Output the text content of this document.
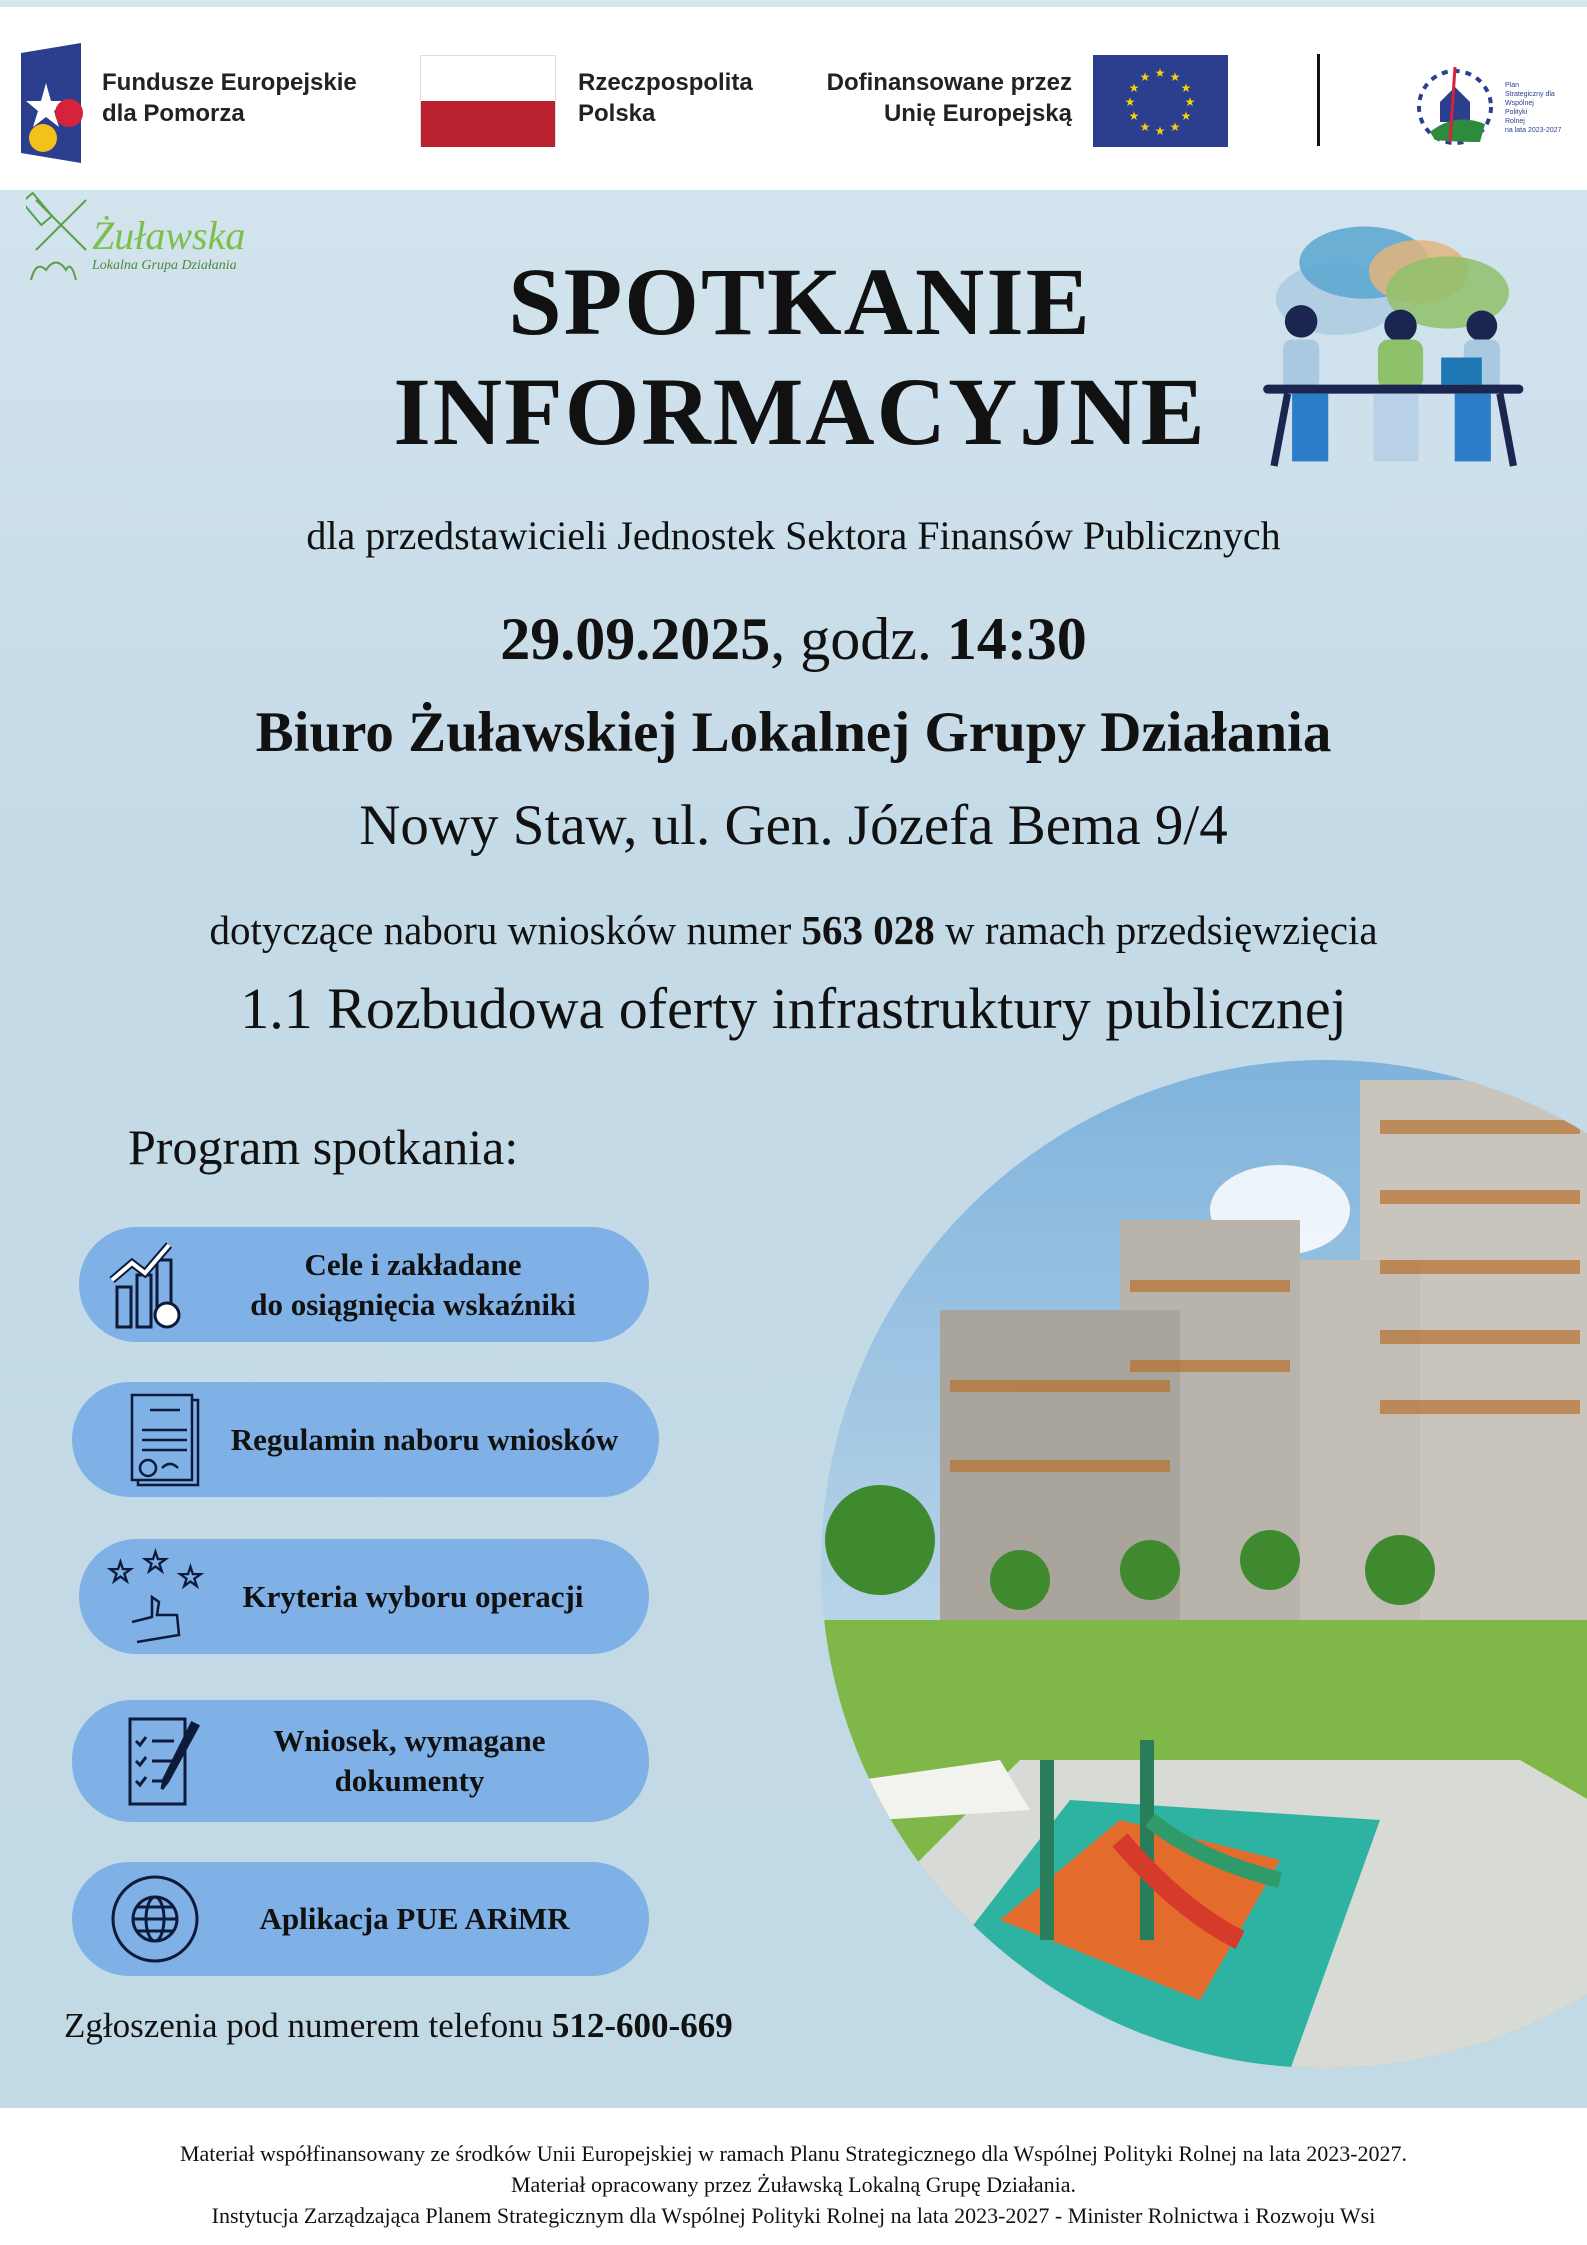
Fundusze Europejskie
dla Pomorza
Rzeczpospolita
Polska
Dofinansowane przez
Unię Europejską
★ ★
★
★
★
★
★
★
★
★
★
★
Plan
Strategiczny dla
Wspólnej
Polityki
Rolnej
na lata 2023-2027
Żuławska
Lokalna Grupa Działania	SPOTKANIE
INFORMACYJNE
dla przedstawicieli Jednostek Sektora Finansów Publicznych
29.09.2025, godz. 14:30
Biuro Żuławskiej Lokalnej Grupy Działania
Nowy Staw, ul. Gen. Józefa Bema 9/4
dotyczące naboru wniosków numer 563 028 w ramach przedsięwzięcia
1.1 Rozbudowa oferty infrastruktury publicznej
Program spotkania:
Cele i zakładane
do osiągnięcia wskaźniki
Regulamin naboru wniosków
☆ ☆ ☆
Kryteria wyboru operacji
Wniosek, wymagane
dokumenty
Aplikacja PUE ARiMR
Zgłoszenia pod numerem telefonu 512-600-669
Materiał współfinansowany ze środków Unii Europejskiej w ramach Planu Strategicznego dla Wspólnej Polityki Rolnej na lata 2023-2027.
Materiał opracowany przez Żuławską Lokalną Grupę Działania.
Instytucja Zarządzająca Planem Strategicznym dla Wspólnej Polityki Rolnej na lata 2023-2027 - Minister Rolnictwa i Rozwoju Wsi
